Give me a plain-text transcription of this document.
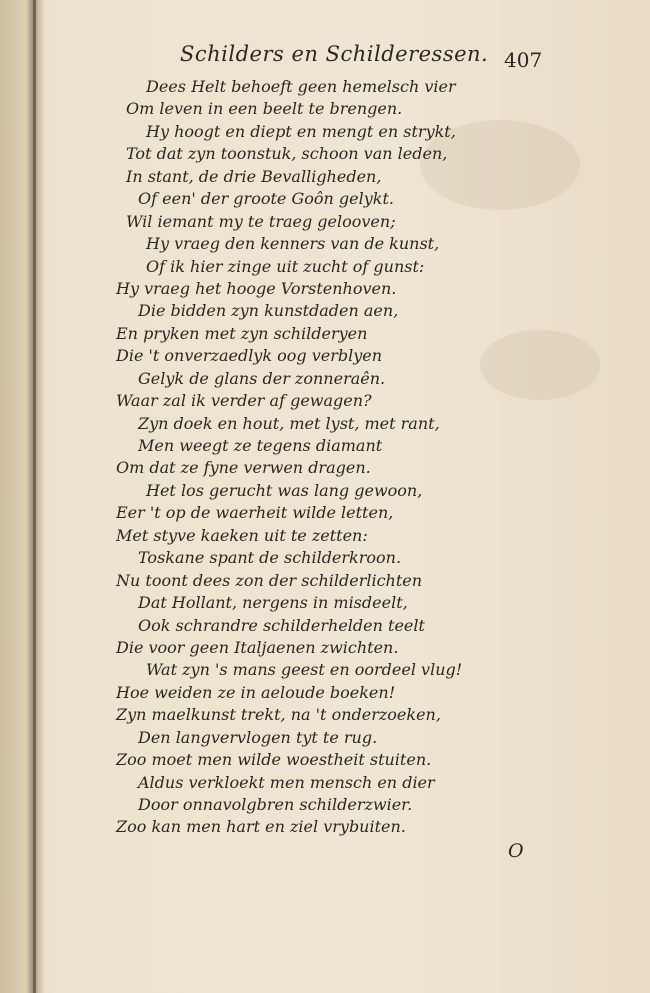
Schilders en Schilderessen. 407
Dees Helt behoeft geen hemelsch vier
Om leven in een beelt te brengen.
Hy hoogt en diept en mengt en strykt,
Tot dat zyn toonstuk, schoon van leden,
In stant, de drie Bevalligheden,
Of een' der groote Goôn gelykt.
Wil iemant my te traeg gelooven;
Hy vraeg den kenners van de kunst,
Of ik hier zinge uit zucht of gunst:
Hy vraeg het hooge Vorstenhoven.
Die bidden zyn kunstdaden aen,
En pryken met zyn schilderyen
Die 't onverzaedlyk oog verblyen
Gelyk de glans der zonneraên.
Waar zal ik verder af gewagen?
Zyn doek en hout, met lyst, met rant,
Men weegt ze tegens diamant
Om dat ze fyne verwen dragen.
Het los gerucht was lang gewoon,
Eer 't op de waerheit wilde letten,
Met styve kaeken uit te zetten:
Toskane spant de schilderkroon.
Nu toont dees zon der schilderlichten
Dat Hollant, nergens in misdeelt,
Ook schrandre schilderhelden teelt
Die voor geen Italjaenen zwichten.
Wat zyn 's mans geest en oordeel vlug!
Hoe weiden ze in aeloude boeken!
Zyn maelkunst trekt, na 't onderzoeken,
Den langvervlogen tyt te rug.
Zoo moet men wilde woestheit stuiten.
Aldus verkloekt men mensch en dier
Door onnavolgbren schilderzwier.
Zoo kan men hart en ziel vrybuiten.
O
